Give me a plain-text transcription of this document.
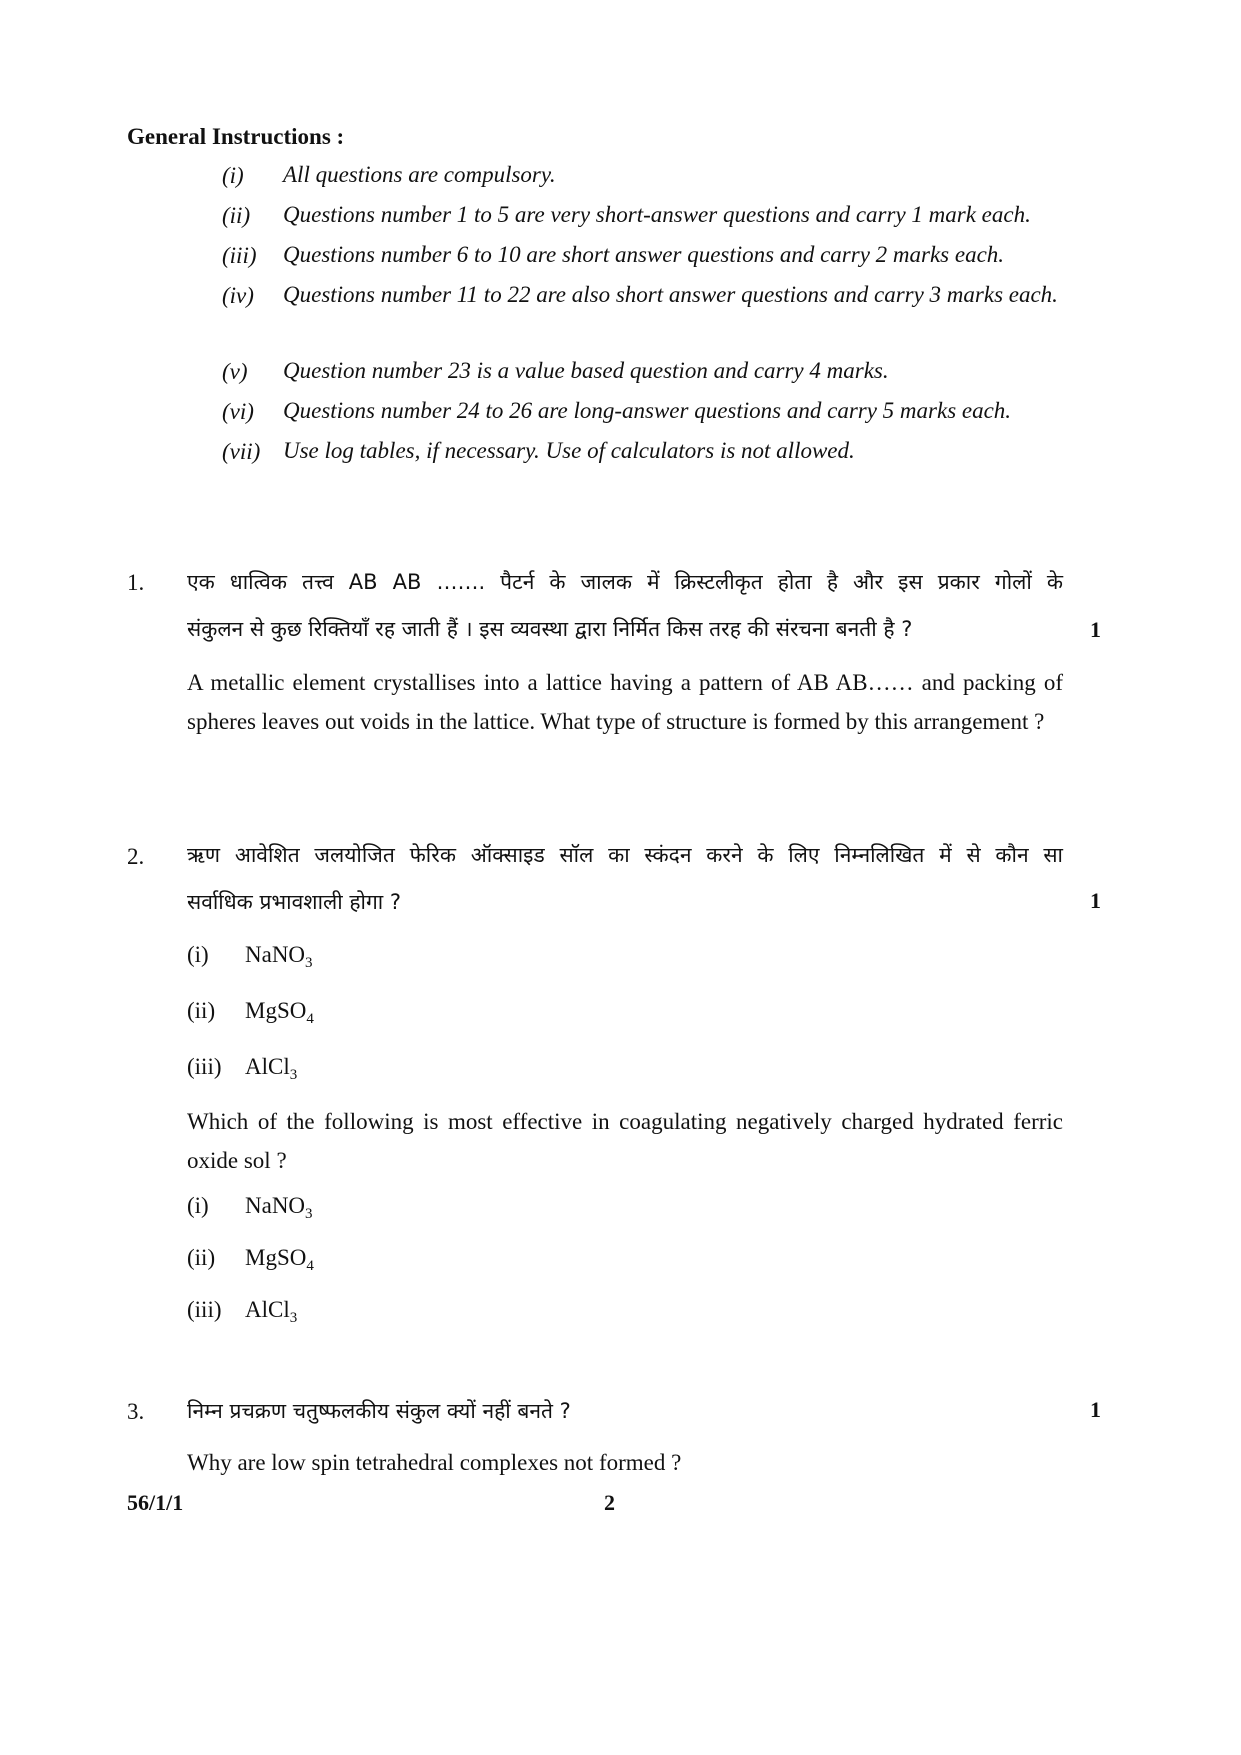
General Instructions :
(i) All questions are compulsory.
(ii) Questions number 1 to 5 are very short-answer questions and carry 1 mark each.
(iii) Questions number 6 to 10 are short answer questions and carry 2 marks each.
(iv) Questions number 11 to 22 are also short answer questions and carry 3 marks each.
(v) Question number 23 is a value based question and carry 4 marks.
(vi) Questions number 24 to 26 are long-answer questions and carry 5 marks each.
(vii) Use log tables, if necessary. Use of calculators is not allowed.
1. एक धात्विक तत्त्व AB AB ……. पैटर्न के जालक में क्रिस्टलीकृत होता है और इस प्रकार गोलों के
संकुलन से कुछ रिक्तियाँ रह जाती हैं । इस व्यवस्था द्वारा निर्मित किस तरह की संरचना बनती है ?	1
A metallic element crystallises into a lattice having a pattern of AB AB…… and packing of spheres leaves out voids in the lattice. What type of structure is formed by this arrangement ?
2. ऋण आवेशित जलयोजित फेरिक ऑक्साइड सॉल का स्कंदन करने के लिए निम्नलिखित में से कौन सा
सर्वाधिक प्रभावशाली होगा ?	1
(i) NaNO$_3$
(ii) MgSO$_4$
(iii) AlCl$_3$
Which of the following is most effective in coagulating negatively charged hydrated ferric oxide sol ?
(i) NaNO$_3$
(ii) MgSO$_4$
(iii) AlCl$_3$
3. निम्न प्रचक्रण चतुष्फलकीय संकुल क्यों नहीं बनते ?	1
Why are low spin tetrahedral complexes not formed ?
56/1/1	2
